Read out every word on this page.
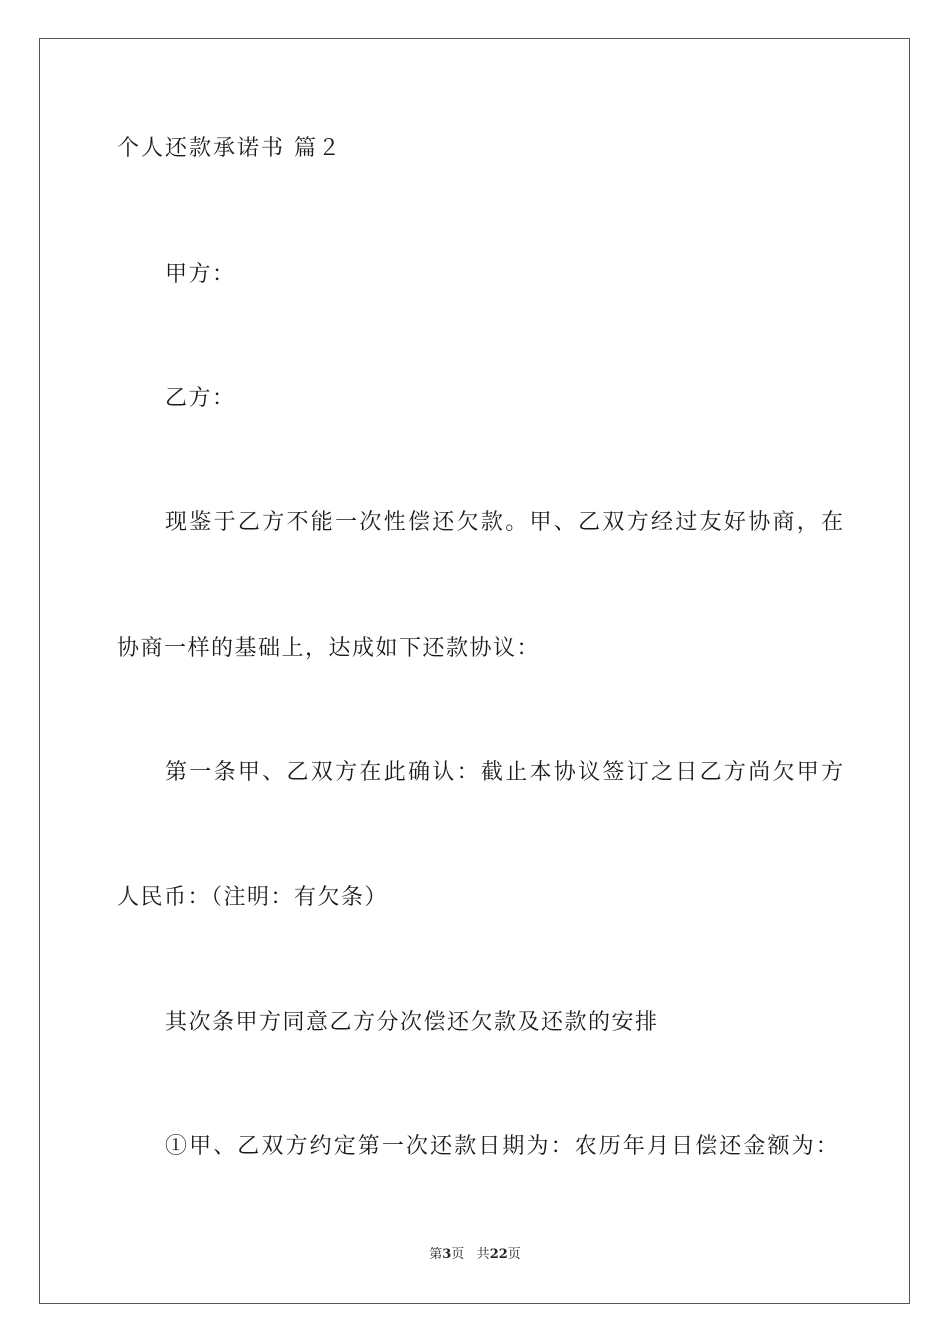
个人还款承诺书 篇２
甲方：
乙方：
现鉴于乙方不能一次性偿还欠款。甲、乙双方经过友好协商，在
协商一样的基础上，达成如下还款协议：
第一条甲、乙双方在此确认：截止本协议签订之日乙方尚欠甲方
人民币：（注明：有欠条）
其次条甲方同意乙方分次偿还欠款及还款的安排
①甲、乙双方约定第一次还款日期为：农历年月日偿还金额为：
第3页 共22页
